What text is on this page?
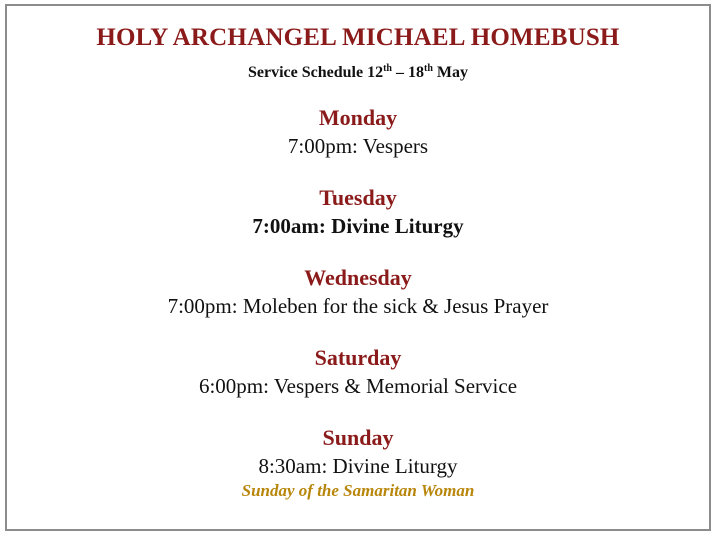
HOLY ARCHANGEL MICHAEL HOMEBUSH
Service Schedule 12th – 18th May
Monday
7:00pm: Vespers
Tuesday
7:00am: Divine Liturgy
Wednesday
7:00pm: Moleben for the sick & Jesus Prayer
Saturday
6:00pm: Vespers & Memorial Service
Sunday
8:30am: Divine Liturgy
Sunday of the Samaritan Woman
